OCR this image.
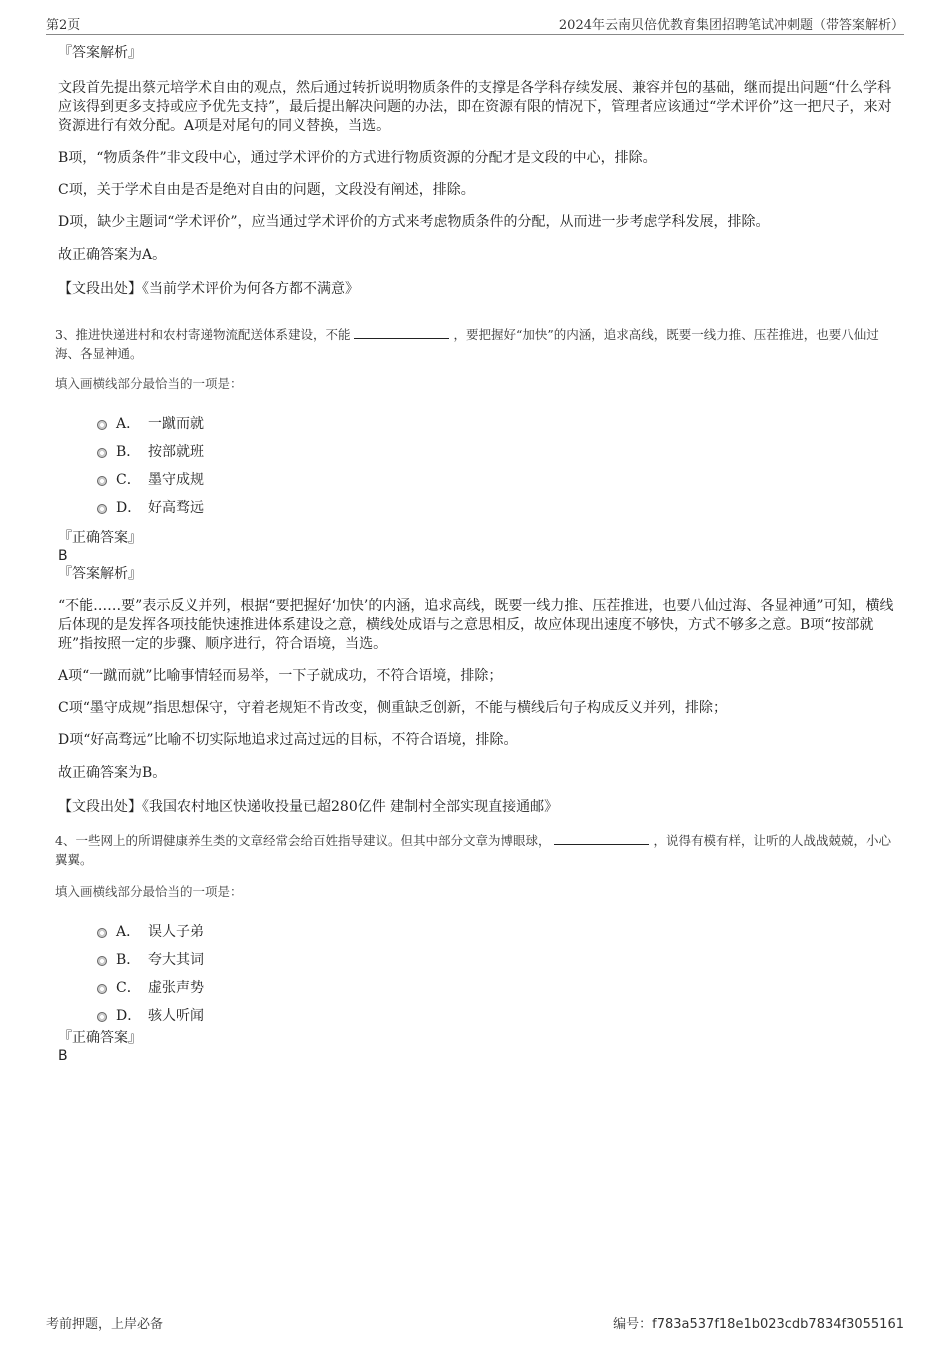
第2页	2024年云南贝倍优教育集团招聘笔试冲刺题（带答案解析）

『答案解析』

文段首先提出蔡元培学术自由的观点，然后通过转折说明物质条件的支撑是各学科存续发展、兼容并包的基础，继而提出问题“什么学科应该得到更多支持或应予优先支持”，最后提出解决问题的办法，即在资源有限的情况下，管理者应该通过“学术评价”这一把尺子，来对资源进行有效分配。A项是对尾句的同义替换，当选。

B项，“物质条件”非文段中心，通过学术评价的方式进行物质资源的分配才是文段的中心，排除。

C项，关于学术自由是否是绝对自由的问题，文段没有阐述，排除。

D项，缺少主题词“学术评价”，应当通过学术评价的方式来考虑物质条件的分配，从而进一步考虑学科发展，排除。

故正确答案为A。

【文段出处】《当前学术评价为何各方都不满意》

3、推进快递进村和农村寄递物流配送体系建设，不能	，要把握好“加快”的内涵，追求高线，既要一线力推、压茬推进，也要八仙过海、各显神通。

填入画横线部分最恰当的一项是：

A． 一蹴而就
B． 按部就班
C． 墨守成规
D． 好高骛远

『正确答案』

B

『答案解析』

“不能……要”表示反义并列，根据“要把握好‘加快’的内涵，追求高线，既要一线力推、压茬推进，也要八仙过海、各显神通”可知，横线后体现的是发挥各项技能快速推进体系建设之意，横线处成语与之意思相反，故应体现出速度不够快，方式不够多之意。B项“按部就班”指按照一定的步骤、顺序进行，符合语境，当选。

A项“一蹴而就”比喻事情轻而易举，一下子就成功，不符合语境，排除；

C项“墨守成规”指思想保守，守着老规矩不肯改变，侧重缺乏创新，不能与横线后句子构成反义并列，排除；

D项“好高骛远”比喻不切实际地追求过高过远的目标，不符合语境，排除。

故正确答案为B。

【文段出处】《我国农村地区快递收投量已超280亿件 建制村全部实现直接通邮》

4、一些网上的所谓健康养生类的文章经常会给百姓指导建议。但其中部分文章为博眼球，	，说得有模有样，让听的人战战兢兢，小心翼翼。

填入画横线部分最恰当的一项是：

A． 误人子弟
B． 夸大其词
C． 虚张声势
D． 骇人听闻

『正确答案』

B

考前押题，上岸必备	编号：f783a537f18e1b023cdb7834f3055161
